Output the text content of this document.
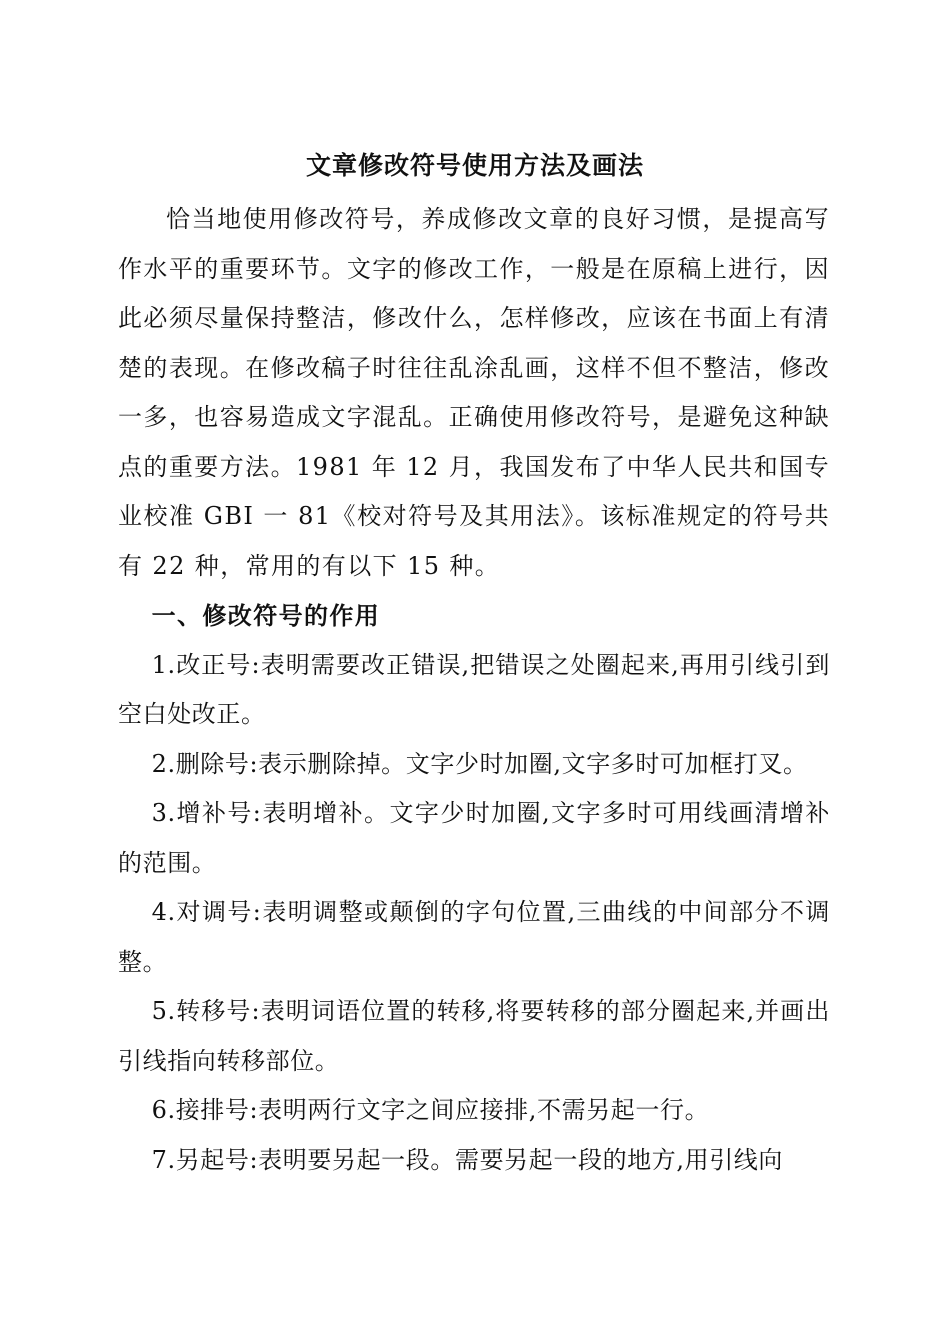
文章修改符号使用方法及画法

恰当地使用修改符号，养成修改文章的良好习惯，是提高写作水平的重要环节。文字的修改工作，一般是在原稿上进行，因此必须尽量保持整洁，修改什么，怎样修改，应该在书面上有清楚的表现。在修改稿子时往往乱涂乱画，这样不但不整洁，修改一多，也容易造成文字混乱。正确使用修改符号，是避免这种缺点的重要方法。1981 年 12 月，我国发布了中华人民共和国专业校准 GBI 一 81《校对符号及其用法》。该标准规定的符号共有 22 种，常用的有以下 15 种。

一、修改符号的作用

1.改正号:表明需要改正错误,把错误之处圈起来,再用引线引到空白处改正。

2.删除号:表示删除掉。文字少时加圈,文字多时可加框打叉。

3.增补号:表明增补。文字少时加圈,文字多时可用线画清增补的范围。

4.对调号:表明调整或颠倒的字句位置,三曲线的中间部分不调整。

5.转移号:表明词语位置的转移,将要转移的部分圈起来,并画出引线指向转移部位。

6.接排号:表明两行文字之间应接排,不需另起一行。

7.另起号:表明要另起一段。需要另起一段的地方,用引线向
